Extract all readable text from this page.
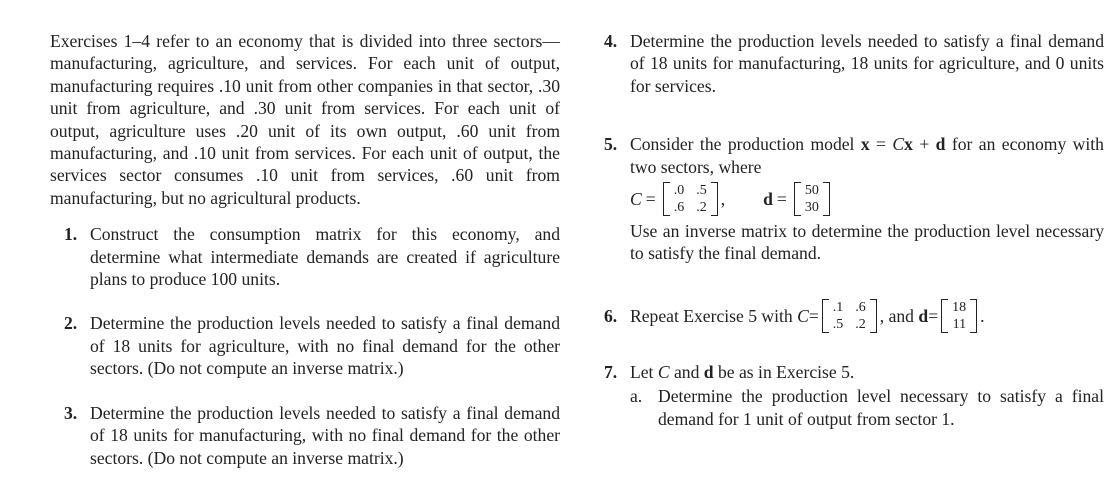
Exercises 1–4 refer to an economy that is divided into three sectors—manufacturing, agriculture, and services. For each unit of output, manufacturing requires .10 unit from other companies in that sector, .30 unit from agriculture, and .30 unit from services. For each unit of output, agriculture uses .20 unit of its own output, .60 unit from manufacturing, and .10 unit from services. For each unit of output, the services sector consumes .10 unit from services, .60 unit from manufacturing, but no agricultural products.

1. Construct the consumption matrix for this economy, and determine what intermediate demands are created if agriculture plans to produce 100 units.
2. Determine the production levels needed to satisfy a final demand of 18 units for agriculture, with no final demand for the other sectors. (Do not compute an inverse matrix.)
3. Determine the production levels needed to satisfy a final demand of 18 units for manufacturing, with no final demand for the other sectors. (Do not compute an inverse matrix.)
4. Determine the production levels needed to satisfy a final demand of 18 units for manufacturing, 18 units for agriculture, and 0 units for services.
5. Consider the production model x = Cx + d for an economy with two sectors, where
C = .0 .5
.6 .2 , d = 50
30

Use an inverse matrix to determine the production level necessary to satisfy the final demand.

6. Repeat Exercise 5 with
C = .1 .6
.5 .2 , and
d = 18
11 .
7. Let C and d be as in Exercise 5.
a. Determine the production level necessary to satisfy a final demand for 1 unit of output from sector 1.
